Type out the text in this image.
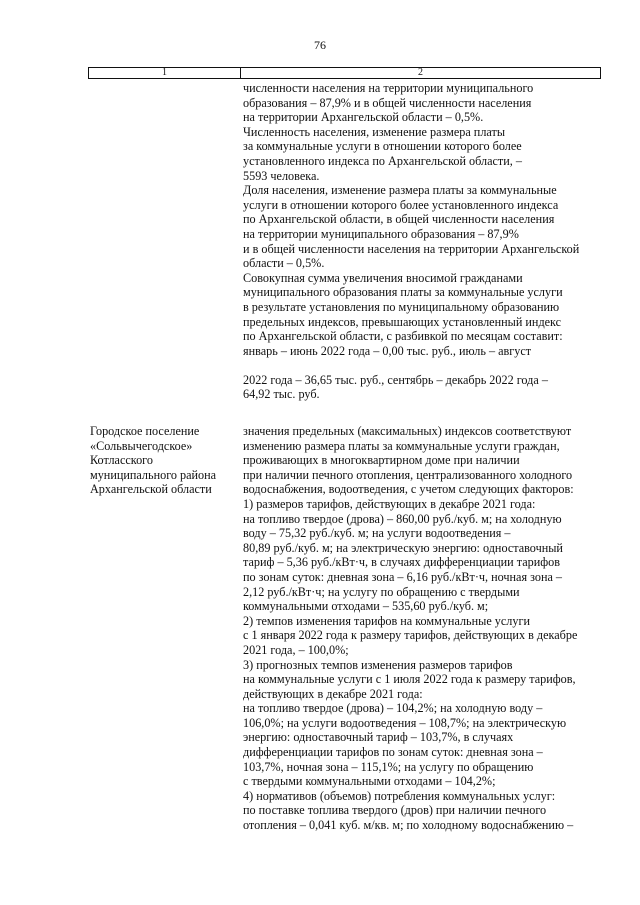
76
1	2
численности населения на территории муниципального
образования – 87,9% и в общей численности населения
на территории Архангельской области – 0,5%.
Численность населения, изменение размера платы
за коммунальные услуги в отношении которого более
установленного индекса по Архангельской области, –
5593 человека.
Доля населения, изменение размера платы за коммунальные
услуги в отношении которого более установленного индекса
по Архангельской области, в общей численности населения
на территории муниципального образования – 87,9%
и в общей численности населения на территории Архангельской
области – 0,5%.
Совокупная сумма увеличения вносимой гражданами
муниципального образования платы за коммунальные услуги
в результате установления по муниципальному образованию
предельных индексов, превышающих установленный индекс
по Архангельской области, с разбивкой по месяцам составит:
январь – июнь 2022 года – 0,00 тыс. руб., июль – август
2022 года – 36,65 тыс. руб., сентябрь – декабрь 2022 года –
64,92 тыс. руб.
Городское поселение
«Сольвычегодское»
Котласского
муниципального района
Архангельской области
значения предельных (максимальных) индексов соответствуют
изменению размера платы за коммунальные услуги граждан,
проживающих в многоквартирном доме при наличии
при наличии печного отопления, централизованного холодного
водоснабжения, водоотведения, с учетом следующих факторов:
1) размеров тарифов, действующих в декабре 2021 года:
на топливо твердое (дрова) – 860,00 руб./куб. м; на холодную
воду – 75,32 руб./куб. м; на услуги водоотведения –
80,89 руб./куб. м; на электрическую энергию: одноставочный
тариф – 5,36 руб./кВт·ч, в случаях дифференциации тарифов
по зонам суток: дневная зона – 6,16 руб./кВт·ч, ночная зона –
2,12 руб./кВт·ч; на услугу по обращению с твердыми
коммунальными отходами – 535,60 руб./куб. м;
2) темпов изменения тарифов на коммунальные услуги
с 1 января 2022 года к размеру тарифов, действующих в декабре
2021 года, – 100,0%;
3) прогнозных темпов изменения размеров тарифов
на коммунальные услуги с 1 июля 2022 года к размеру тарифов,
действующих в декабре 2021 года:
на топливо твердое (дрова) – 104,2%; на холодную воду –
106,0%; на услуги водоотведения – 108,7%; на электрическую
энергию: одноставочный тариф – 103,7%, в случаях
дифференциации тарифов по зонам суток: дневная зона –
103,7%, ночная зона – 115,1%; на услугу по обращению
с твердыми коммунальными отходами – 104,2%;
4) нормативов (объемов) потребления коммунальных услуг:
по поставке топлива твердого (дров) при наличии печного
отопления – 0,041 куб. м/кв. м; по холодному водоснабжению –
